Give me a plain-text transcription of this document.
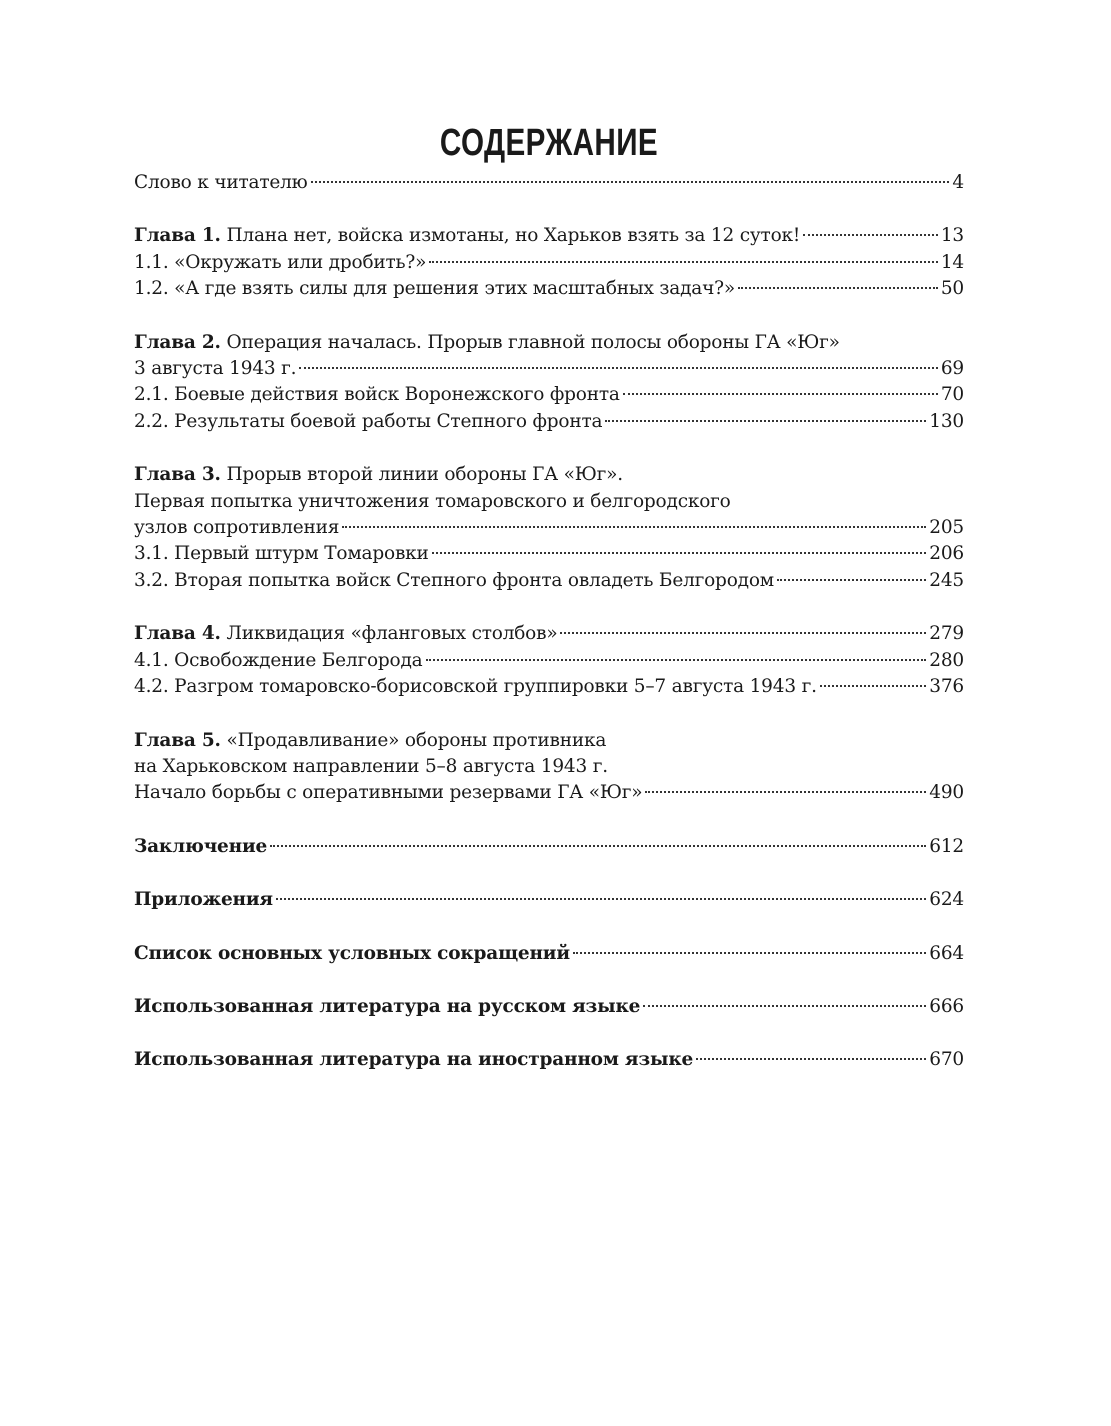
СОДЕРЖАНИЕ
Слово к читателю	4
Глава 1. Плана нет, войска измотаны, но Харьков взять за 12 суток!	13
1.1. «Окружать или дробить?»	14
1.2. «А где взять силы для решения этих масштабных задач?»	50
Глава 2. Операция началась. Прорыв главной полосы обороны ГА «Юг»
3 августа 1943 г.	69
2.1. Боевые действия войск Воронежского фронта	70
2.2. Результаты боевой работы Степного фронта	130
Глава 3. Прорыв второй линии обороны ГА «Юг».
Первая попытка уничтожения томаровского и белгородского
узлов сопротивления	205
3.1. Первый штурм Томаровки	206
3.2. Вторая попытка войск Степного фронта овладеть Белгородом	245
Глава 4. Ликвидация «фланговых столбов»	279
4.1. Освобождение Белгорода	280
4.2. Разгром томаровско-борисовской группировки 5–7 августа 1943 г.	376
Глава 5. «Продавливание» обороны противника
на Харьковском направлении 5–8 августа 1943 г.
Начало борьбы с оперативными резервами ГА «Юг»	490
Заключение	612
Приложения	624
Список основных условных сокращений	664
Использованная литература на русском языке	666
Использованная литература на иностранном языке	670
